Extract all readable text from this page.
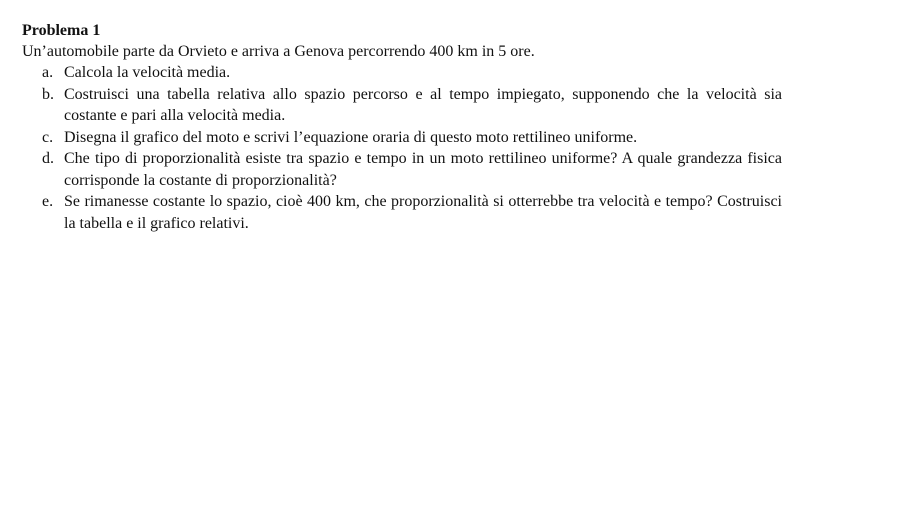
Problema 1

Un’automobile parte da Orvieto e arriva a Genova percorrendo 400 km in 5 ore.

a. Calcola la velocità media.
b. Costruisci una tabella relativa allo spazio percorso e al tempo impiegato, supponendo che la velocità sia costante e pari alla velocità media.
c. Disegna il grafico del moto e scrivi l’equazione oraria di questo moto rettilineo uniforme.
d. Che tipo di proporzionalità esiste tra spazio e tempo in un moto rettilineo uniforme? A quale grandezza fisica corrisponde la costante di proporzionalità?
e. Se rimanesse costante lo spazio, cioè 400 km, che proporzionalità si otterrebbe tra velocità e tempo? Costruisci la tabella e il grafico relativi.
